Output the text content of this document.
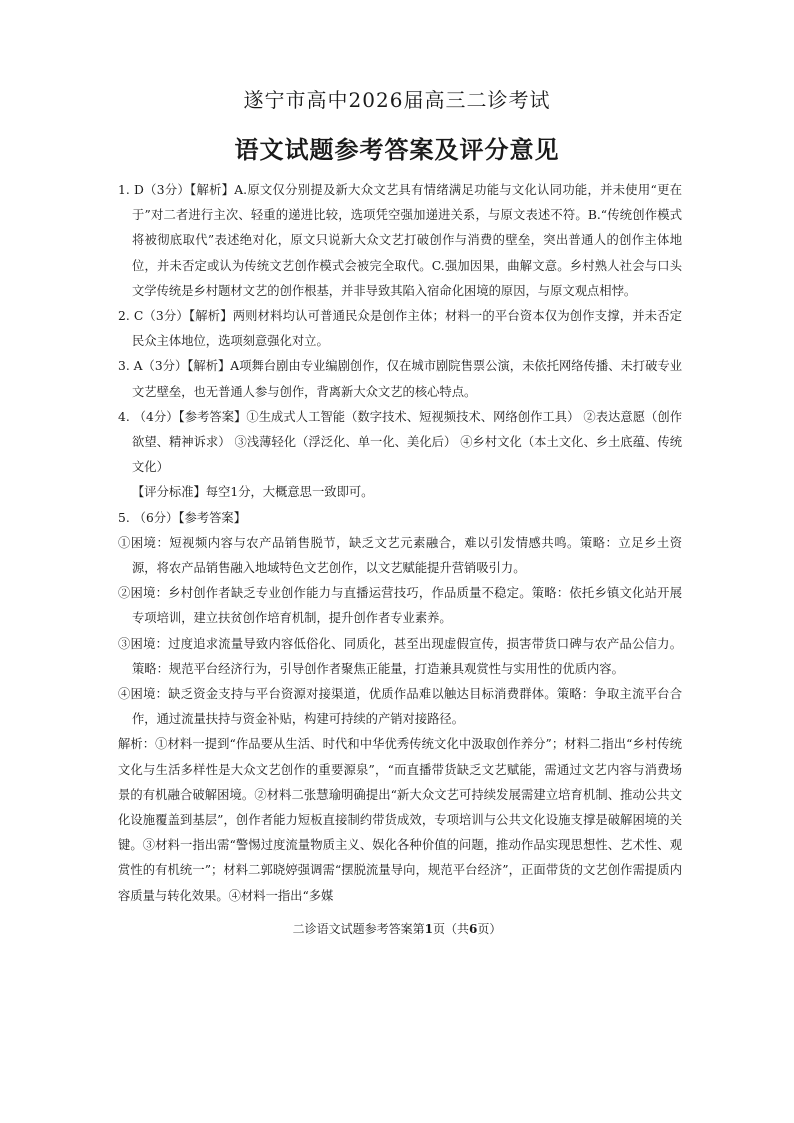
遂宁市高中2026届高三二诊考试
语文试题参考答案及评分意见

1. D（3分）【解析】A.原文仅分别提及新大众文艺具有情绪满足功能与文化认同功能，并未使用“更在于”对二者进行主次、轻重的递进比较，选项凭空强加递进关系，与原文表述不符。B.“传统创作模式将被彻底取代”表述绝对化，原文只说新大众文艺打破创作与消费的壁垒，突出普通人的创作主体地位，并未否定或认为传统文艺创作模式会被完全取代。C.强加因果，曲解文意。乡村熟人社会与口头文学传统是乡村题材文艺的创作根基，并非导致其陷入宿命化困境的原因，与原文观点相悖。

2. C（3分）【解析】两则材料均认可普通民众是创作主体；材料一的平台资本仅为创作支撑，并未否定民众主体地位，选项刻意强化对立。

3. A（3分）【解析】A项舞台剧由专业编剧创作，仅在城市剧院售票公演，未依托网络传播、未打破专业文艺壁垒，也无普通人参与创作，背离新大众文艺的核心特点。

4. （4分）【参考答案】①生成式人工智能（数字技术、短视频技术、网络创作工具） ②表达意愿（创作欲望、精神诉求） ③浅薄轻化（浮泛化、单一化、美化后） ④乡村文化（本土文化、乡土底蕴、传统文化）

【评分标准】每空1分，大概意思一致即可。

5. （6分）【参考答案】

①困境：短视频内容与农产品销售脱节，缺乏文艺元素融合，难以引发情感共鸣。策略：立足乡土资源，将农产品销售融入地域特色文艺创作，以文艺赋能提升营销吸引力。

②困境：乡村创作者缺乏专业创作能力与直播运营技巧，作品质量不稳定。策略：依托乡镇文化站开展专项培训，建立扶贫创作培育机制，提升创作者专业素养。

③困境：过度追求流量导致内容低俗化、同质化，甚至出现虚假宣传，损害带货口碑与农产品公信力。策略：规范平台经济行为，引导创作者聚焦正能量，打造兼具观赏性与实用性的优质内容。

④困境：缺乏资金支持与平台资源对接渠道，优质作品难以触达目标消费群体。策略：争取主流平台合作，通过流量扶持与资金补贴，构建可持续的产销对接路径。

解析：①材料一提到“作品要从生活、时代和中华优秀传统文化中汲取创作养分”；材料二指出“乡村传统文化与生活多样性是大众文艺创作的重要源泉”，“而直播带货缺乏文艺赋能，需通过文艺内容与消费场景的有机融合破解困境。②材料二张慧瑜明确提出“新大众文艺可持续发展需建立培育机制、推动公共文化设施覆盖到基层”，创作者能力短板直接制约带货成效，专项培训与公共文化设施支撑是破解困境的关键。③材料一指出需“警惕过度流量物质主义、娱化各种价值的问题，推动作品实现思想性、艺术性、观赏性的有机统一”；材料二郭晓婷强调需“摆脱流量导向，规范平台经济”，正面带货的文艺创作需提质内容质量与转化效果。④材料一指出“多媒

二诊语文试题参考答案第1页（共6页）
